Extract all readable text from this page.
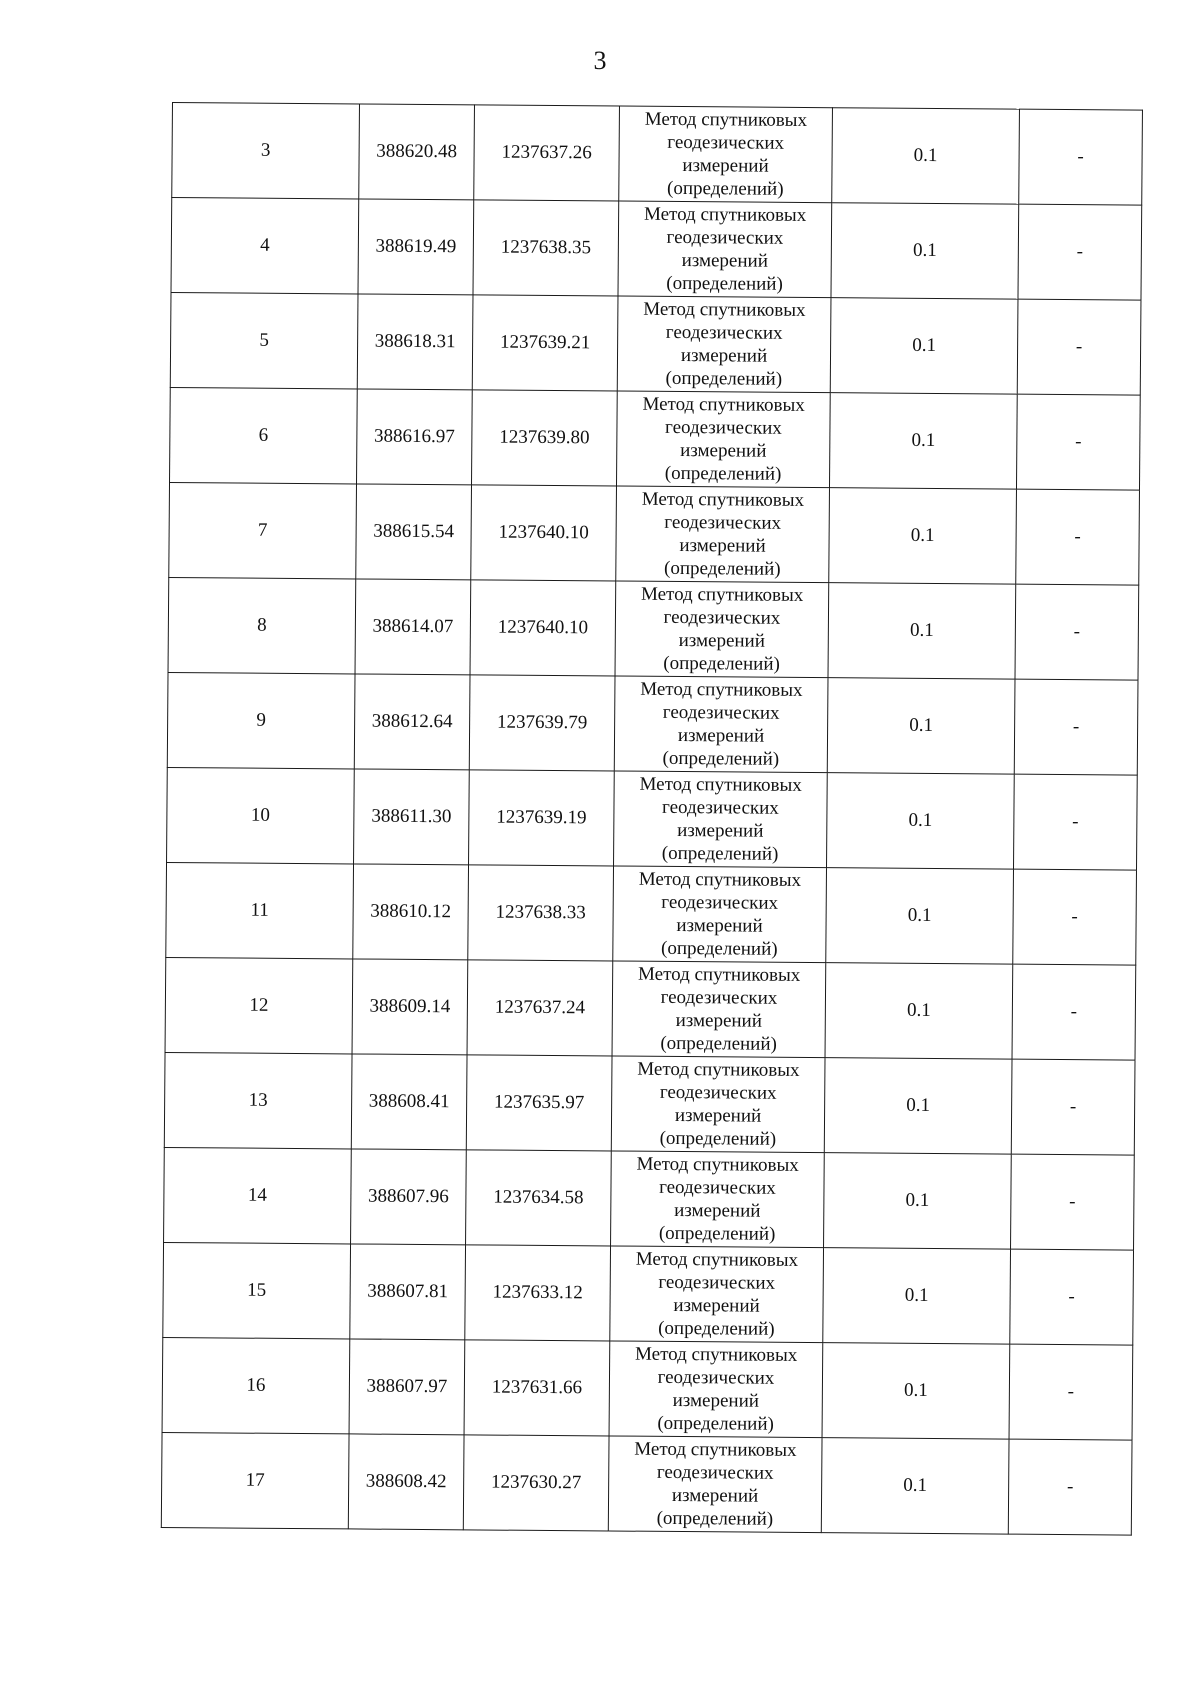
3
3	388620.48	1237637.26	Метод спутниковых
геодезических
измерений
(определений)	0.1	-
4	388619.49	1237638.35	Метод спутниковых
геодезических
измерений
(определений)	0.1	-
5	388618.31	1237639.21	Метод спутниковых
геодезических
измерений
(определений)	0.1	-
6	388616.97	1237639.80	Метод спутниковых
геодезических
измерений
(определений)	0.1	-
7	388615.54	1237640.10	Метод спутниковых
геодезических
измерений
(определений)	0.1	-
8	388614.07	1237640.10	Метод спутниковых
геодезических
измерений
(определений)	0.1	-
9	388612.64	1237639.79	Метод спутниковых
геодезических
измерений
(определений)	0.1	-
10	388611.30	1237639.19	Метод спутниковых
геодезических
измерений
(определений)	0.1	-
11	388610.12	1237638.33	Метод спутниковых
геодезических
измерений
(определений)	0.1	-
12	388609.14	1237637.24	Метод спутниковых
геодезических
измерений
(определений)	0.1	-
13	388608.41	1237635.97	Метод спутниковых
геодезических
измерений
(определений)	0.1	-
14	388607.96	1237634.58	Метод спутниковых
геодезических
измерений
(определений)	0.1	-
15	388607.81	1237633.12	Метод спутниковых
геодезических
измерений
(определений)	0.1	-
16	388607.97	1237631.66	Метод спутниковых
геодезических
измерений
(определений)	0.1	-
17	388608.42	1237630.27	Метод спутниковых
геодезических
измерений
(определений)	0.1	-
